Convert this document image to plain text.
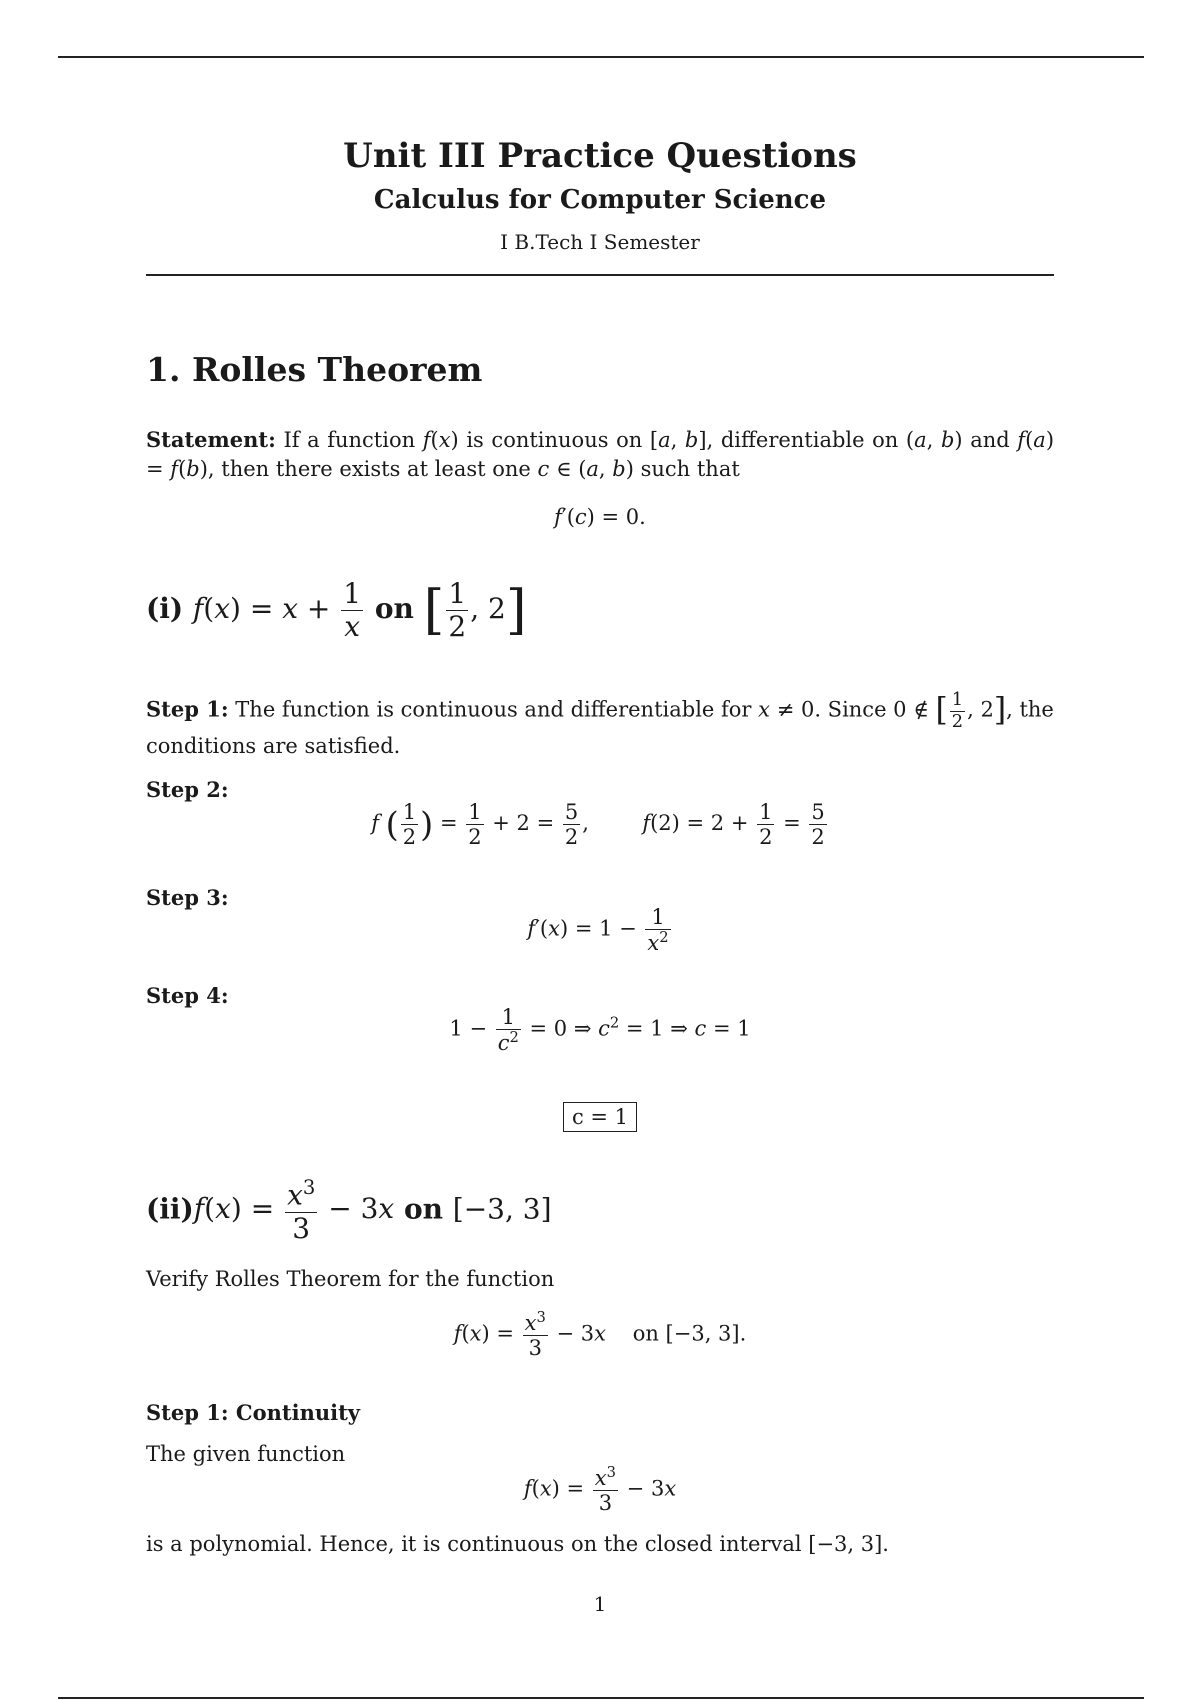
Unit III Practice Questions
Calculus for Computer Science
I B.Tech I Semester
1. Rolles Theorem
Statement: If a function f(x) is continuous on [a, b], differentiable on (a, b) and f(a) = f(b), then there exists at least one c ∈ (a, b) such that
f′(c) = 0.
(i) $f(x) = x + \frac{1}{x}$ on [ $\frac{1}{2}$ , 2]
Step 1: The function is continuous and differentiable for x ≠ 0. Since 0 ∉ [ $\frac{1}{2}$ , 2], the
conditions are satisfied.
Step 2:
f ( $\frac{1}{2}$ ) = $\frac{1}{2} + 2 = \frac{5}{2}$ ,        $f(2) = 2 + \frac{1}{2} = \frac{5}{2}$
Step 3:
$f'(x) = 1 - \frac{1}{x^2}$
Step 4:
$1 - \frac{1}{c^2} = 0$ ⇒ $c^2 = 1$ ⇒ c = 1
c = 1
$(ii)f(x) = \frac{x^3}{3} - 3x$ on [−3, 3]
Verify Rolles Theorem for the function
$f(x) = \frac{x^3}{3} - 3x$ on [−3, 3].
Step 1: Continuity
The given function
$f(x) = \frac{x^3}{3} - 3x$
is a polynomial. Hence, it is continuous on the closed interval [−3, 3].
1
